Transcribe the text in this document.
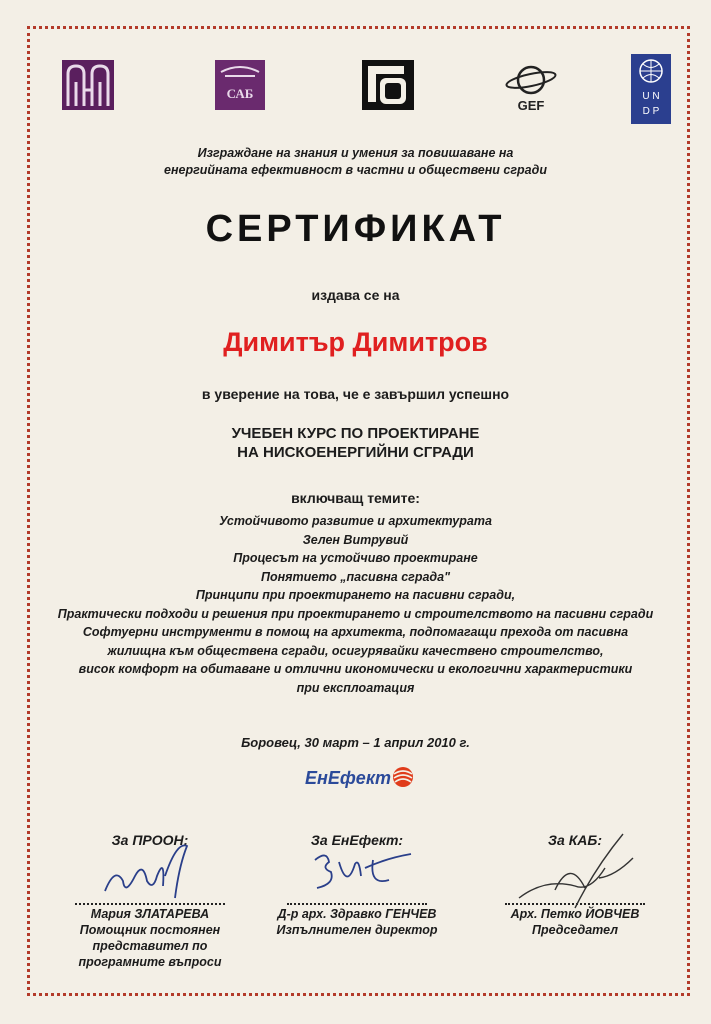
САБ
GEF
U N
D P
Изграждане на знания и умения за повишаване на
енергийната ефективност в частни и обществени сгради
СЕРТИФИКАТ
издава се на
Димитър Димитров
в уверение на това, че е завършил успешно
УЧЕБЕН КУРС ПО ПРОЕКТИРАНЕ
НА НИСКОЕНЕРГИЙНИ СГРАДИ
включващ темите:
Устойчивото развитие и архитектурата
Зелен Витрувий
Процесът на устойчиво проектиране
Понятието „пасивна сграда"
Принципи при проектирането на пасивни сгради,
Практически подходи и решения при проектирането и строителството на пасивни сгради
Софтуерни инструменти в помощ на архитекта, подпомагащи прехода от пасивна
жилищна към обществена сгради, осигурявайки качествено строителство,
висок комфорт на обитаване и отлични икономически и екологични характеристики
при експлоатация
Боровец, 30 март – 1 април 2010 г.
ЕнЕфект
За ПРООН:
Мария ЗЛАТАРЕВА
Помощник постоянен
представител по
програмните въпроси
За ЕнЕфект:
Д-р арх. Здравко ГЕНЧЕВ
Изпълнителен директор
За КАБ:
Арх. Петко ЙОВЧЕВ
Председател
